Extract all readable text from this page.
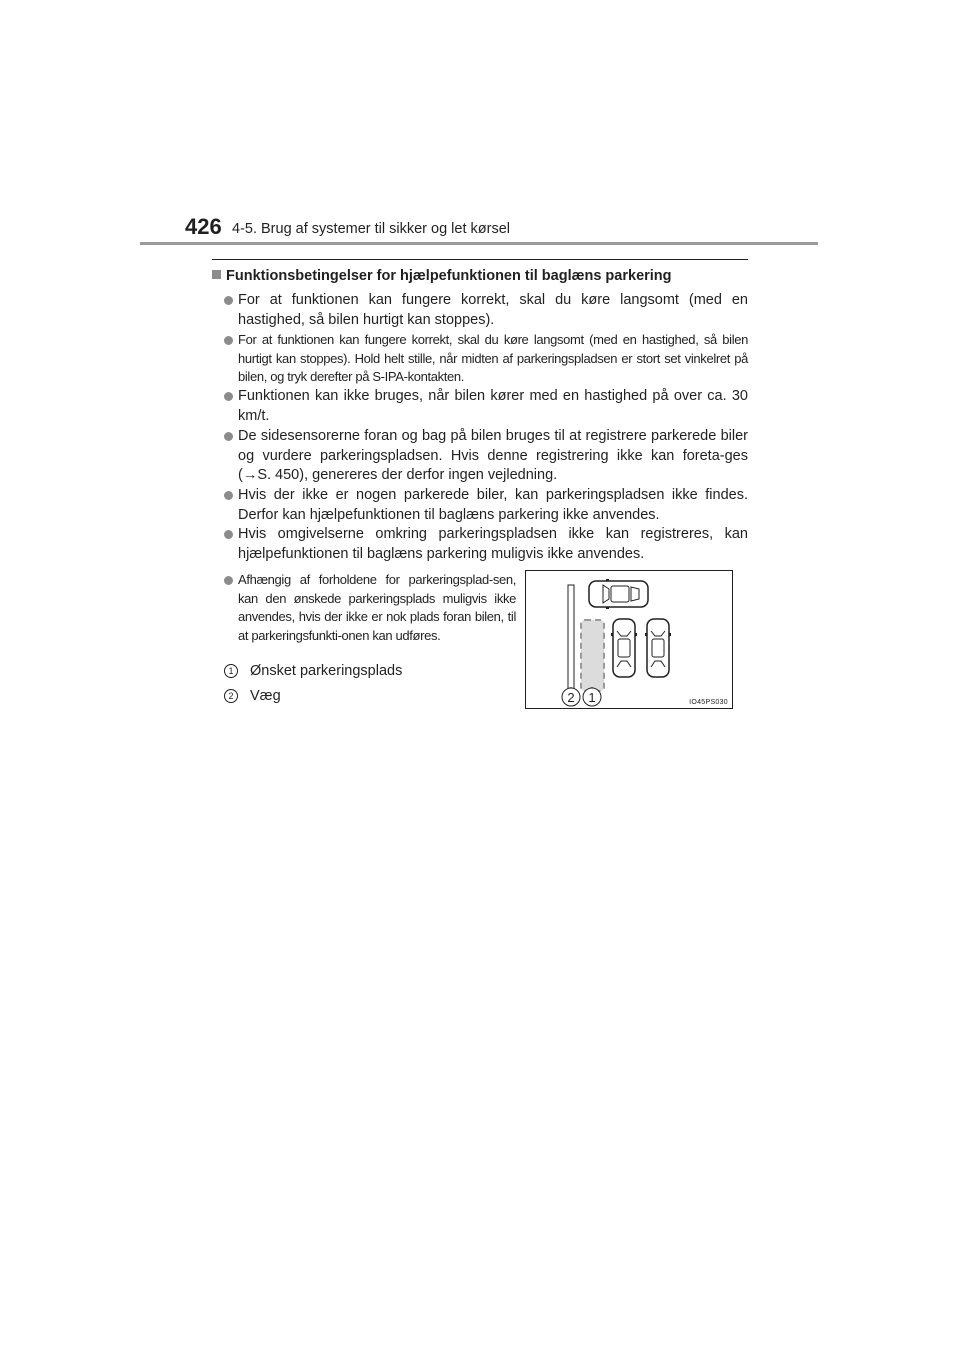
426 4-5. Brug af systemer til sikker og let kørsel
Funktionsbetingelser for hjælpefunktionen til baglæns parkering
For at funktionen kan fungere korrekt, skal du køre langsomt (med en hastighed, så bilen hurtigt kan stoppes).
For at funktionen kan fungere korrekt, skal du køre langsomt (med en hastighed, så bilen hurtigt kan stoppes). Hold helt stille, når midten af parkeringspladsen er stort set vinkelret på bilen, og tryk derefter på S-IPA-kontakten.
Funktionen kan ikke bruges, når bilen kører med en hastighed på over ca. 30 km/t.
De sidesensorerne foran og bag på bilen bruges til at registrere parkerede biler og vurdere parkeringspladsen. Hvis denne registrering ikke kan foreta-ges (→S. 450), genereres der derfor ingen vejledning.
Hvis der ikke er nogen parkerede biler, kan parkeringspladsen ikke findes. Derfor kan hjælpefunktionen til baglæns parkering ikke anvendes.
Hvis omgivelserne omkring parkeringspladsen ikke kan registreres, kan hjælpefunktionen til baglæns parkering muligvis ikke anvendes.
Afhængig af forholdene for parkeringsplad-sen, kan den ønskede parkeringsplads muligvis ikke anvendes, hvis der ikke er nok plads foran bilen, til at parkeringsfunkti-onen kan udføres.
1 Ønsket parkeringsplads
2 Væg	2 1	IO45PS030
